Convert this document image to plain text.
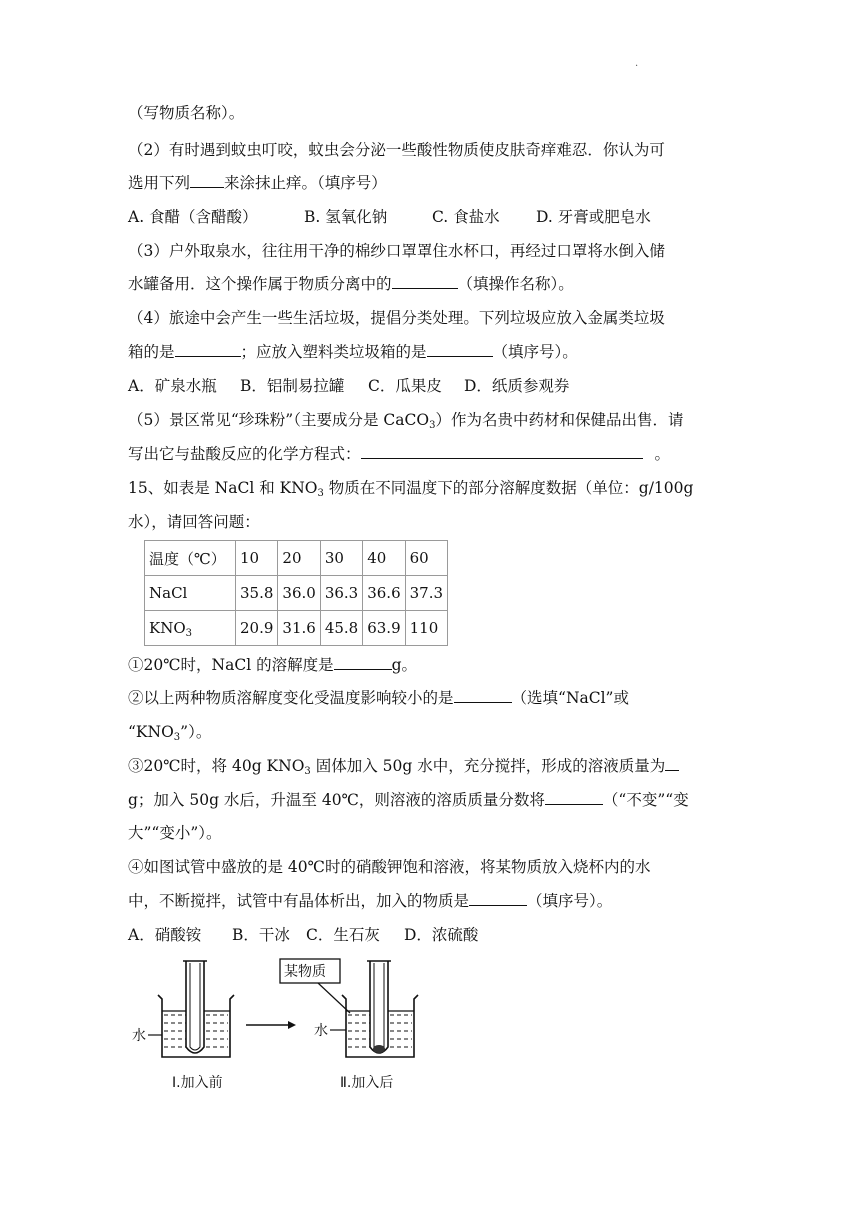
.
（写物质名称）。
（2）有时遇到蚊虫叮咬，蚊虫会分泌一些酸性物质使皮肤奇痒难忍．你认为可
选用下列 来涂抹止痒。（填序号）
A. 食醋（含醋酸）	B. 氢氧化钠	C. 食盐水 D. 牙膏或肥皂水
（3）户外取泉水，往往用干净的棉纱口罩罩住水杯口，再经过口罩将水倒入储
水罐备用．这个操作属于物质分离中的	（填操作名称）。
（4）旅途中会产生一些生活垃圾，提倡分类处理。下列垃圾应放入金属类垃圾
箱的是	；应放入塑料类垃圾箱的是	（填序号）。
A．矿泉水瓶 B．铝制易拉罐 C．瓜果皮 D．纸质参观券
（5）景区常见“珍珠粉”（主要成分是 CaCO$_3$）作为名贵中药材和保健品出售．请
写出它与盐酸反应的化学方程式：	。
15、如表是 NaCl 和 $KNO_3$ 物质在不同温度下的部分溶解度数据（单位：g/100g
水），请回答问题：
温度（℃）	10	20	30	40	60
NaCl	35.8	36.0	36.3	36.6	37.3
$KNO_3$	20.9	31.6	45.8	63.9	110
①20℃时，NaCl 的溶解度是	g。
②以上两种物质溶解度变化受温度影响较小的是	（选填“NaCl”或
“$KNO_3$”）。
③20℃时，将 40g $KNO_3$ 固体加入 50g 水中，充分搅拌，形成的溶液质量为
g；加入 50g 水后，升温至 40℃，则溶液的溶质质量分数将	（“不变”“变
大”“变小”）。
④如图试管中盛放的是 40℃时的硝酸钾饱和溶液，将某物质放入烧杯内的水
中，不断搅拌，试管中有晶体析出，加入的物质是	（填序号）。
A．硝酸铵 B．干冰 C．生石灰 D．浓硫酸
水	水
某物质
Ⅰ.加入前	Ⅱ.加入后
